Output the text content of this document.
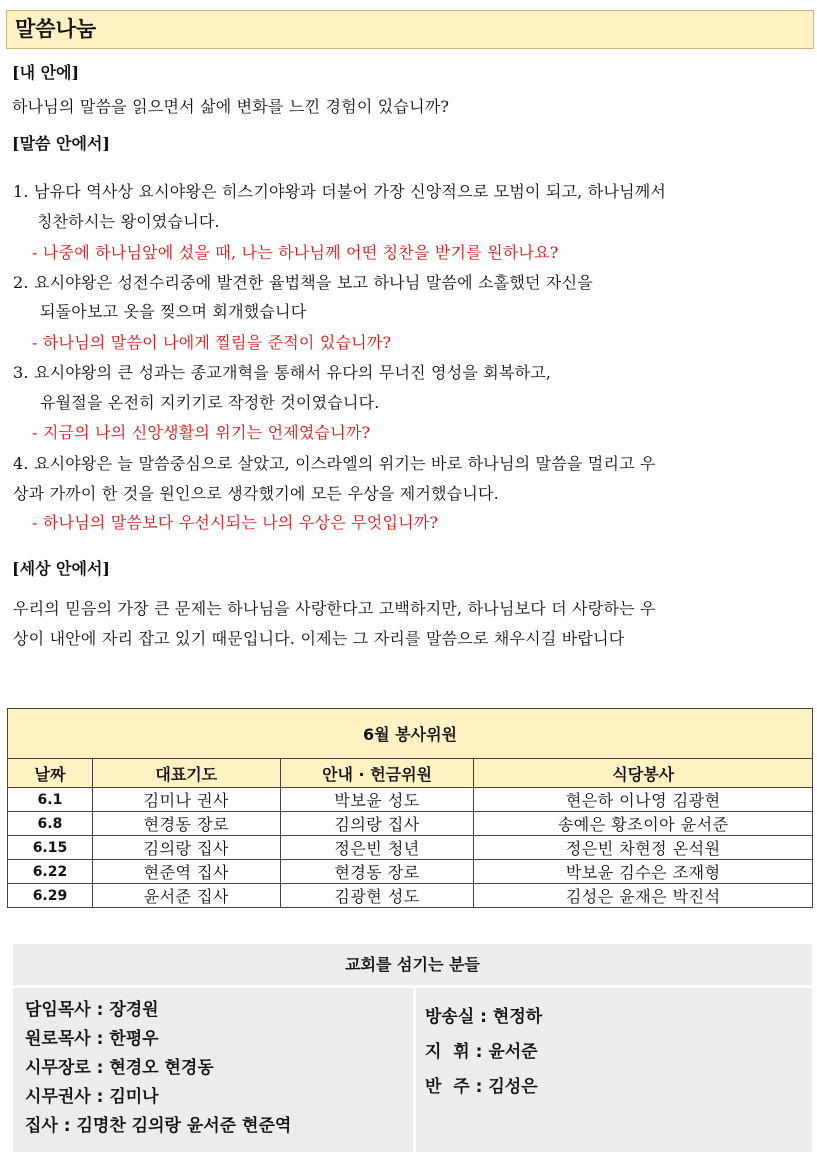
말씀나눔
[내 안에]
하나님의 말씀을 읽으면서 삶에 변화를 느낀 경험이 있습니까?
[말씀 안에서]
1. 남유다 역사상 요시야왕은 히스기야왕과 더불어 가장 신앙적으로 모범이 되고, 하나님께서
칭찬하시는 왕이였습니다.
- 나중에 하나님앞에 섰을 때, 나는 하나님께 어떤 칭찬을 받기를 원하나요?
2. 요시야왕은 성전수리중에 발견한 율법책을 보고 하나님 말씀에 소홀했던 자신을
되돌아보고 옷을 찢으며 회개했습니다
- 하나님의 말씀이 나에게 찔림을 준적이 있습니까?
3. 요시야왕의 큰 성과는 종교개혁을 통해서 유다의 무너진 영성을 회복하고,
유월절을 온전히 지키기로 작정한 것이였습니다.
- 지금의 나의 신앙생활의 위기는 언제였습니까?
4. 요시야왕은 늘 말씀중심으로 살았고, 이스라엘의 위기는 바로 하나님의 말씀을 멀리고 우
상과 가까이 한 것을 원인으로 생각했기에 모든 우상을 제거했습니다.
- 하나님의 말씀보다 우선시되는 나의 우상은 무엇입니까?
[세상 안에서]
우리의 믿음의 가장 큰 문제는 하나님을 사랑한다고 고백하지만, 하나님보다 더 사랑하는 우
상이 내안에 자리 잡고 있기 때문입니다. 이제는 그 자리를 말씀으로 채우시길 바랍니다
6월 봉사위원			
날짜	대표기도	안내 · 헌금위원	식당봉사
6.1	김미나 권사	박보윤 성도	현은하 이나영 김광현
6.8	현경동 장로	김의랑 집사	송예은 황조이아 윤서준
6.15	김의랑 집사	정은빈 청년	정은빈 차현정 온석원
6.22	현준역 집사	현경동 장로	박보윤 김수은 조재형
6.29	윤서준 집사	김광현 성도	김성은 윤재은 박진석
교회를 섬기는 분들
담임목사 : 장경원
원로목사 : 한평우
시무장로 : 현경오 현경동
시무권사 : 김미나
집사 : 김명찬 김의랑 윤서준 현준역
방송실 : 현정하
지  휘 : 윤서준
반  주 : 김성은
